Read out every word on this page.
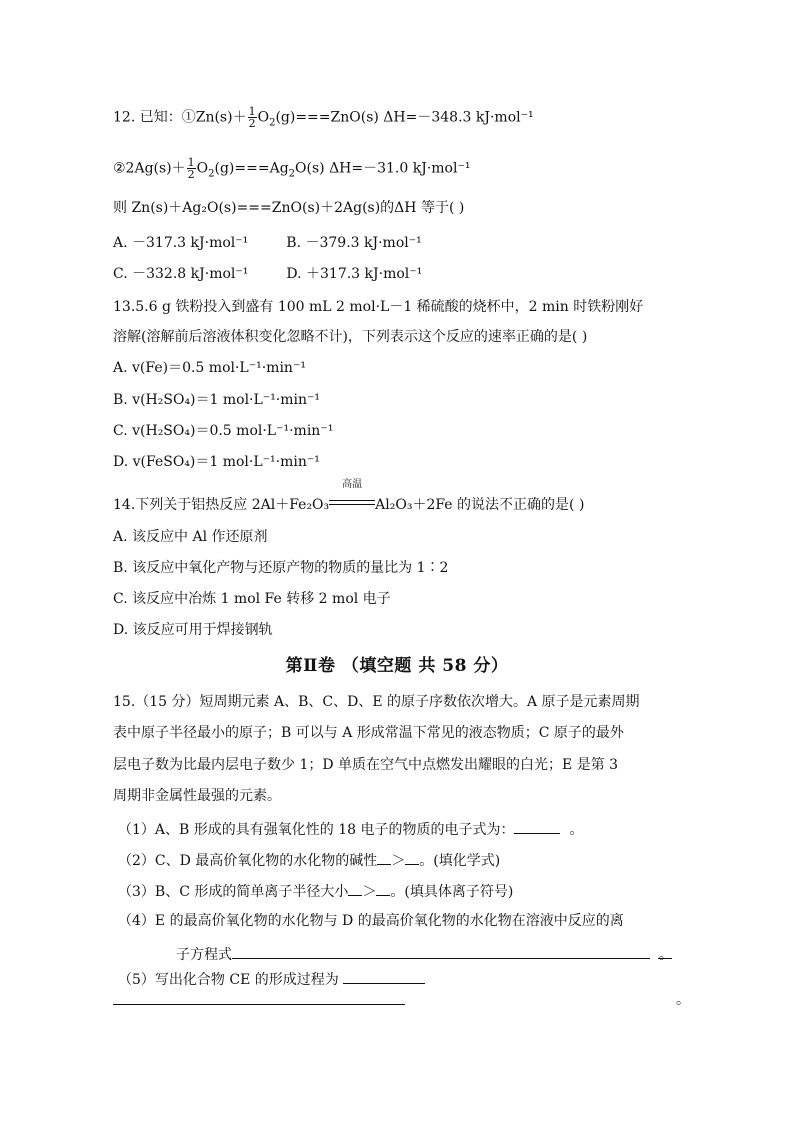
12. 已知：①Zn(s)＋ $\frac{1}{2} O_2(g)===ZnO(s)$ ΔH=－348.3 kJ·mol⁻¹
②2Ag(s)＋ $\frac{1}{2} O_2(g)===Ag_2O(s)$ ΔH=－31.0 kJ·mol⁻¹
则 Zn(s)＋Ag₂O(s)===ZnO(s)＋2Ag(s)的ΔH 等于( )
A. －317.3 kJ·mol⁻¹	B. －379.3 kJ·mol⁻¹
C. －332.8 kJ·mol⁻¹	D. ＋317.3 kJ·mol⁻¹
13.5.6 g 铁粉投入到盛有 100 mL 2 mol·L－1 稀硫酸的烧杯中，2 min 时铁粉刚好
溶解(溶解前后溶液体积变化忽略不计)，下列表示这个反应的速率正确的是( )
A. v(Fe)＝0.5 mol·L⁻¹·min⁻¹
B. v(H₂SO₄)＝1 mol·L⁻¹·min⁻¹
C. v(H₂SO₄)＝0.5 mol·L⁻¹·min⁻¹
D. v(FeSO₄)＝1 mol·L⁻¹·min⁻¹
14.下列关于铝热反应 2Al＋Fe₂O₃
高温
Al₂O₃＋2Fe 的说法不正确的是( )
A. 该反应中 Al 作还原剂
B. 该反应中氧化产物与还原产物的物质的量比为 1∶2
C. 该反应中冶炼 1 mol Fe 转移 2 mol 电子
D. 该反应可用于焊接钢轨
第Ⅱ卷 （填空题 共 58 分）
15.（15 分）短周期元素 A、B、C、D、E 的原子序数依次增大。A 原子是元素周期
表中原子半径最小的原子；B 可以与 A 形成常温下常见的液态物质；C 原子的最外
层电子数为比最内层电子数少 1；D 单质在空气中点燃发出耀眼的白光；E 是第 3
周期非金属性最强的元素。
（1）A、B 形成的具有强氧化性的 18 电子的物质的电子式为：	。
（2）C、D 最高价氧化物的水化物的碱性 ＞ 。(填化学式)
（3）B、C 形成的简单离子半径大小 ＞ 。(填具体离子符号)
（4）E 的最高价氧化物的水化物与 D 的最高价氧化物的水化物在溶液中反应的离
子方程式	。
（5）写出化合物 CE 的形成过程为
。
